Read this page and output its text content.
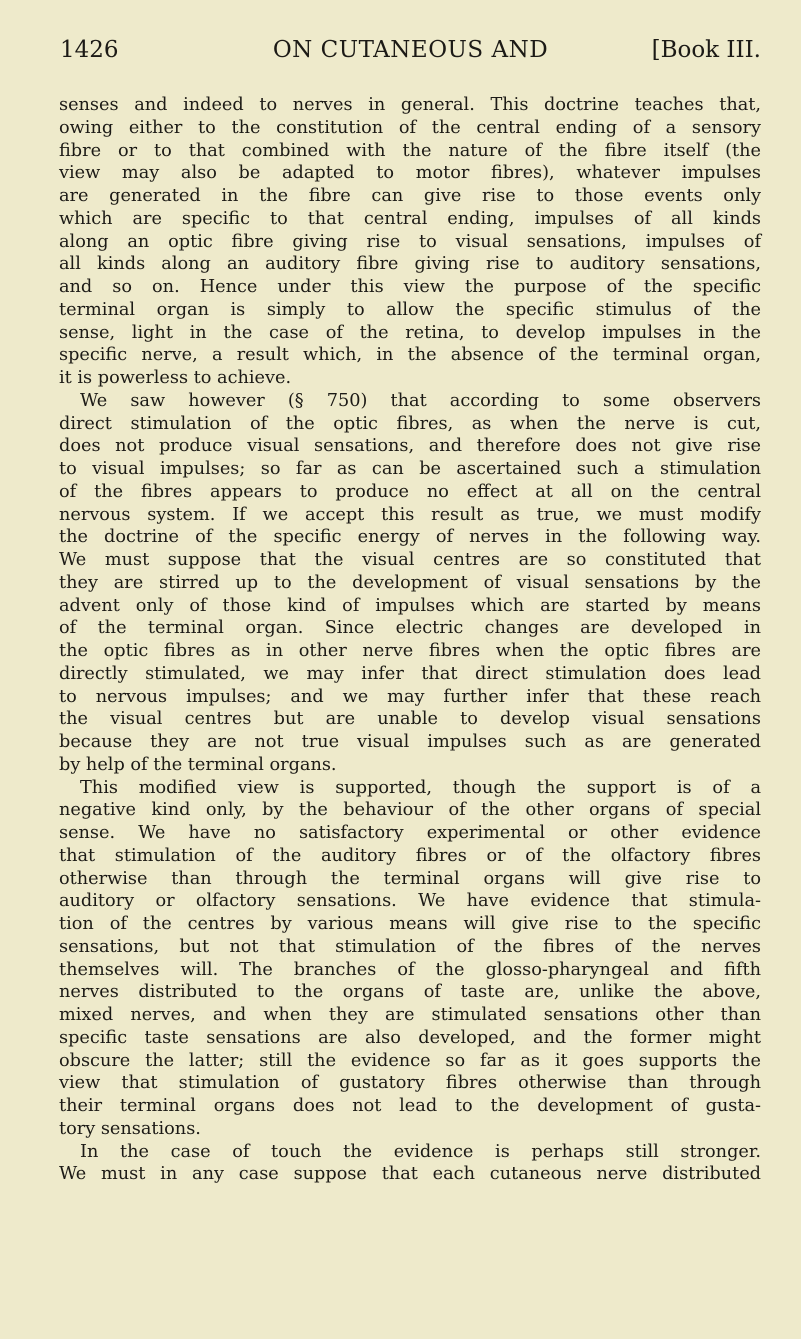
1426	ON CUTANEOUS AND	[Book III.
senses and indeed to nerves in general. This doctrine teaches that,
owing either to the constitution of the central ending of a sensory
fibre or to that combined with the nature of the fibre itself (the
view may also be adapted to motor fibres), whatever impulses
are generated in the fibre can give rise to those events only
which are specific to that central ending, impulses of all kinds
along an optic fibre giving rise to visual sensations, impulses of
all kinds along an auditory fibre giving rise to auditory sensations,
and so on. Hence under this view the purpose of the specific
terminal organ is simply to allow the specific stimulus of the
sense, light in the case of the retina, to develop impulses in the
specific nerve, a result which, in the absence of the terminal organ,
it is powerless to achieve.
We saw however (§ 750) that according to some observers
direct stimulation of the optic fibres, as when the nerve is cut,
does not produce visual sensations, and therefore does not give rise
to visual impulses; so far as can be ascertained such a stimulation
of the fibres appears to produce no effect at all on the central
nervous system. If we accept this result as true, we must modify
the doctrine of the specific energy of nerves in the following way.
We must suppose that the visual centres are so constituted that
they are stirred up to the development of visual sensations by the
advent only of those kind of impulses which are started by means
of the terminal organ. Since electric changes are developed in
the optic fibres as in other nerve fibres when the optic fibres are
directly stimulated, we may infer that direct stimulation does lead
to nervous impulses; and we may further infer that these reach
the visual centres but are unable to develop visual sensations
because they are not true visual impulses such as are generated
by help of the terminal organs.
This modified view is supported, though the support is of a
negative kind only, by the behaviour of the other organs of special
sense. We have no satisfactory experimental or other evidence
that stimulation of the auditory fibres or of the olfactory fibres
otherwise than through the terminal organs will give rise to
auditory or olfactory sensations. We have evidence that stimula-
tion of the centres by various means will give rise to the specific
sensations, but not that stimulation of the fibres of the nerves
themselves will. The branches of the glosso-pharyngeal and fifth
nerves distributed to the organs of taste are, unlike the above,
mixed nerves, and when they are stimulated sensations other than
specific taste sensations are also developed, and the former might
obscure the latter; still the evidence so far as it goes supports the
view that stimulation of gustatory fibres otherwise than through
their terminal organs does not lead to the development of gusta-
tory sensations.
In the case of touch the evidence is perhaps still stronger.
We must in any case suppose that each cutaneous nerve distributed
